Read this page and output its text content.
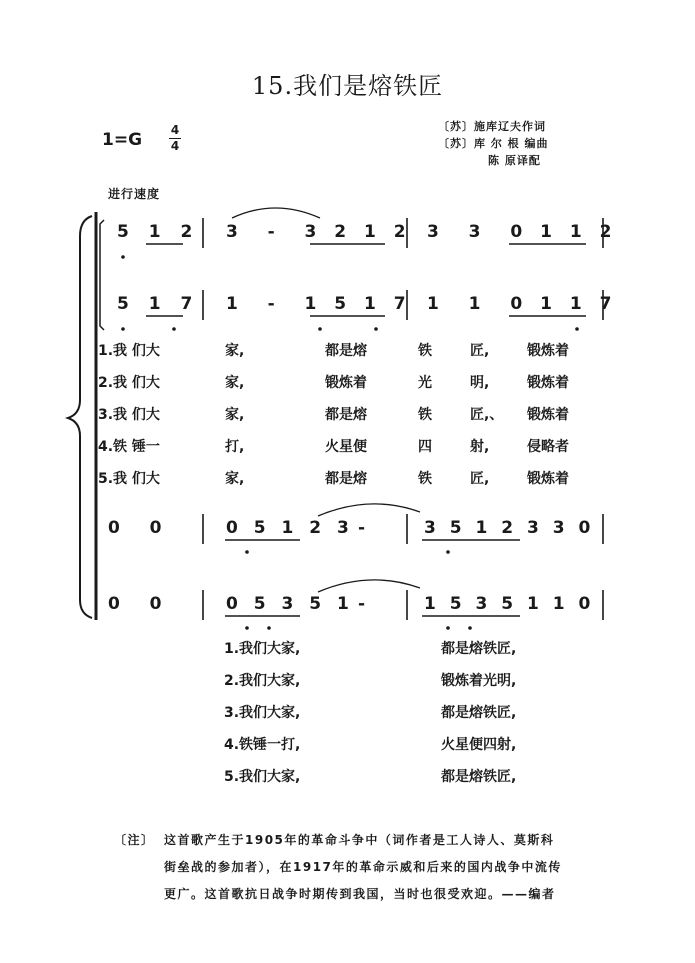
15.我们是熔铁匠
1=G	4
4
〔苏〕施库辽夫作词
〔苏〕库 尔 根 编曲
陈 原译配
进行速度
5 1 2 3  -  3 2 1 2 3  3  0 1 1 2
5 1 7 1  -  1 5 1 7 1  1  0 1 1 7
1.我 们大	家,	都是熔	铁	匠,	锻炼着
2.我 们大	家,	锻炼着	光	明,	锻炼着
3.我 们大	家,	都是熔	铁	匠,、 锻炼着
4.铁 锤一	打,	火星便	四	射,	侵略者
5.我 们大	家,	都是熔	铁	匠,	锻炼着
0  0	0 5 1 2 3 -	3 5 1 2 3 3 0
0  0	0 5 3 5 1 -	1 5 3 5 1 1 0
1.我们大家,	都是熔铁匠,
2.我们大家,	锻炼着光明,
3.我们大家,	都是熔铁匠,
4.铁锤一打,	火星便四射,
5.我们大家,	都是熔铁匠,
〔注〕 这首歌产生于1905年的革命斗争中（词作者是工人诗人、莫斯科
街垒战的参加者），在1917年的革命示威和后来的国内战争中流传
更广。这首歌抗日战争时期传到我国，当时也很受欢迎。——编者
